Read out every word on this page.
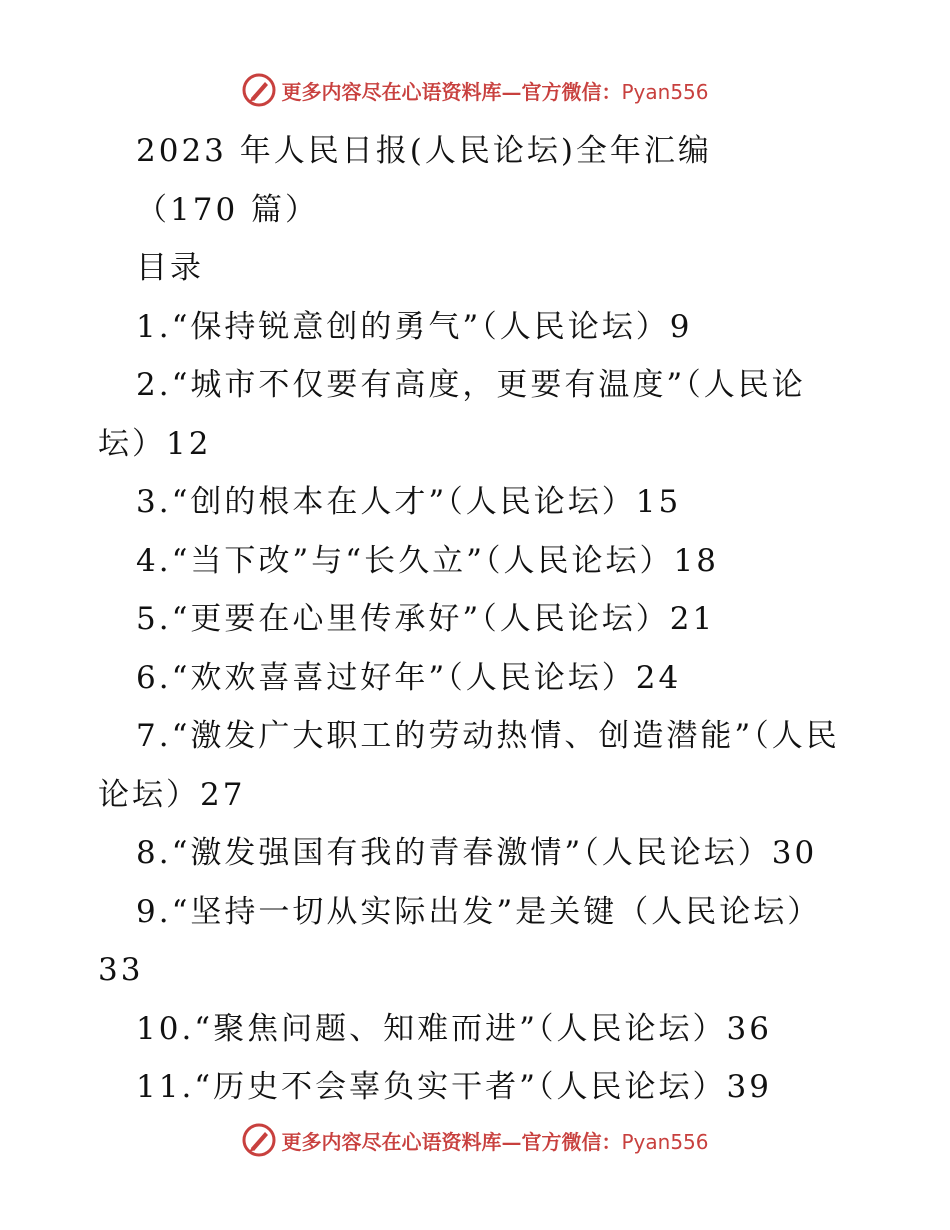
更多内容尽在心语资料库—官方微信：Pyan556
2023 年人民日报(人民论坛)全年汇编
（170 篇）
目录
1.“保持锐意创的勇气”（人民论坛）9
2.“城市不仅要有高度，更要有温度”（人民论坛）12
3.“创的根本在人才”（人民论坛）15
4.“当下改”与“长久立”（人民论坛）18
5.“更要在心里传承好”（人民论坛）21
6.“欢欢喜喜过好年”（人民论坛）24
7.“激发广大职工的劳动热情、创造潜能”（人民论坛）27
8.“激发强国有我的青春激情”（人民论坛）30
9.“坚持一切从实际出发”是关键（人民论坛）33
10.“聚焦问题、知难而进”（人民论坛）36
11.“历史不会辜负实干者”（人民论坛）39
更多内容尽在心语资料库—官方微信：Pyan556
